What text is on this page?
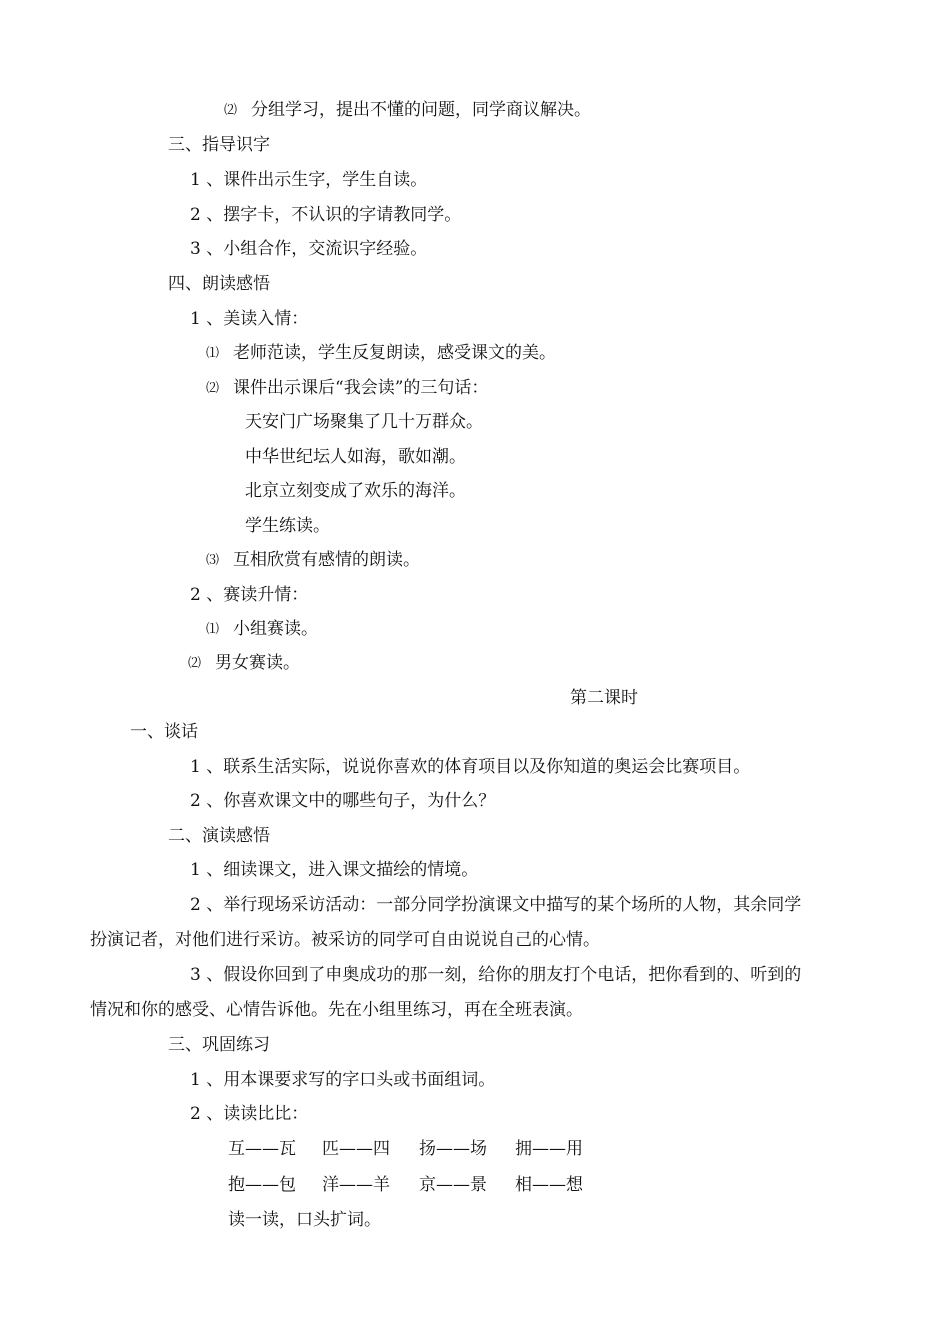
⑵ 分组学习，提出不懂的问题，同学商议解决。
三、指导识字
1 、课件出示生字，学生自读。
2 、摆字卡，不认识的字请教同学。
3 、小组合作，交流识字经验。
四、朗读感悟
1 、美读入情：
⑴ 老师范读，学生反复朗读，感受课文的美。
⑵ 课件出示课后“我会读”的三句话：
天安门广场聚集了几十万群众。
中华世纪坛人如海，歌如潮。
北京立刻变成了欢乐的海洋。
学生练读。
⑶ 互相欣赏有感情的朗读。
2 、赛读升情：
⑴ 小组赛读。
⑵ 男女赛读。
第二课时
一、谈话
1 、联系生活实际，说说你喜欢的体育项目以及你知道的奥运会比赛项目。
2 、你喜欢课文中的哪些句子，为什么？
二、演读感悟
1 、细读课文，进入课文描绘的情境。
2 、举行现场采访活动：一部分同学扮演课文中描写的某个场所的人物，其余同学
扮演记者，对他们进行采访。被采访的同学可自由说说自己的心情。
3 、假设你回到了申奥成功的那一刻，给你的朋友打个电话，把你看到的、听到的
情况和你的感受、心情告诉他。先在小组里练习，再在全班表演。
三、巩固练习
1 、用本课要求写的字口头或书面组词。
2 、读读比比：
互——瓦 匹——四 扬——场 拥——用
抱——包 洋——羊 京——景 相——想
读一读，口头扩词。
